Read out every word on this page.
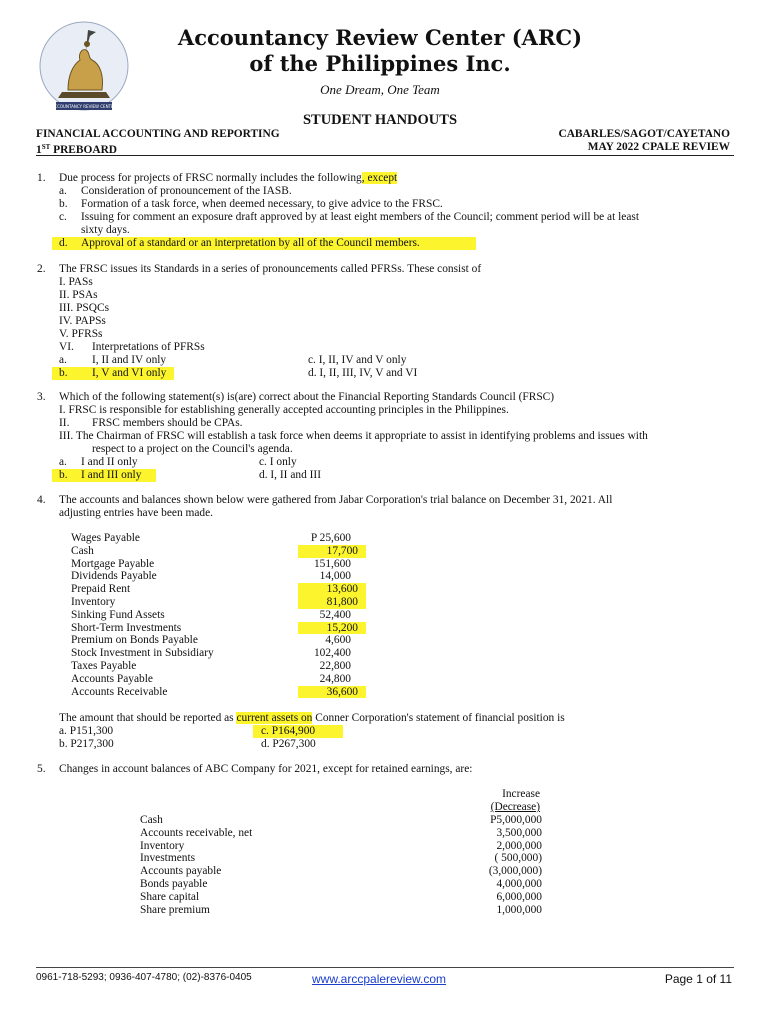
ACCOUNTANCY REVIEW CENTER
Accountancy Review Center (ARC)
of the Philippines Inc.
One Dream, One Team
STUDENT HANDOUTS
FINANCIAL ACCOUNTING AND REPORTING
1ST PREBOARD
CABARLES/SAGOT/CAYETANO
MAY 2022 CPALE REVIEW
1. Due process for projects of FRSC normally includes the following, except
a. Consideration of pronouncement of the IASB.
b. Formation of a task force, when deemed necessary, to give advice to the FRSC.
c. Issuing for comment an exposure draft approved by at least eight members of the Council; comment period will be at least
sixty days.
d. Approval of a standard or an interpretation by all of the Council members.
2. The FRSC issues its Standards in a series of pronouncements called PFRSs. These consist of
I. PASs
II. PSAs
III. PSQCs
IV. PAPSs
V. PFRSs
VI. Interpretations of PFRSs
a. I, II and IV only
b. I, V and VI only
c. I, II, IV and V only
d. I, II, III, IV, V and VI
3. Which of the following statement(s) is(are) correct about the Financial Reporting Standards Council (FRSC)
I. FRSC is responsible for establishing generally accepted accounting principles in the Philippines.
II. FRSC members should be CPAs.
III. The Chairman of FRSC will establish a task force when deems it appropriate to assist in identifying problems and issues with
respect to a project on the Council's agenda.
a. I and II only
b. I and III only
c. I only
d. I, II and III
4. The accounts and balances shown below were gathered from Jabar Corporation's trial balance on December 31, 2021. All
adjusting entries have been made.
Wages Payable	P 25,600
Cash	17,700
Mortgage Payable	151,600
Dividends Payable	14,000
Prepaid Rent	13,600
Inventory	81,800
Sinking Fund Assets	52,400
Short-Term Investments	15,200
Premium on Bonds Payable	4,600
Stock Investment in Subsidiary	102,400
Taxes Payable	22,800
Accounts Payable	24,800
Accounts Receivable	36,600
The amount that should be reported as current assets on Conner Corporation's statement of financial position is
a. P151,300
b. P217,300
c. P164,900
d. P267,300
5. Changes in account balances of ABC Company for 2021, except for retained earnings, are:
Increase
(Decrease)
Cash	P5,000,000
Accounts receivable, net	3,500,000
Inventory	2,000,000
Investments	( 500,000)
Accounts payable	(3,000,000)
Bonds payable	4,000,000
Share capital	6,000,000
Share premium	1,000,000
0961-718-5293; 0936-407-4780; (02)-8376-0405	www.arccpalereview.com	Page 1 of 11
